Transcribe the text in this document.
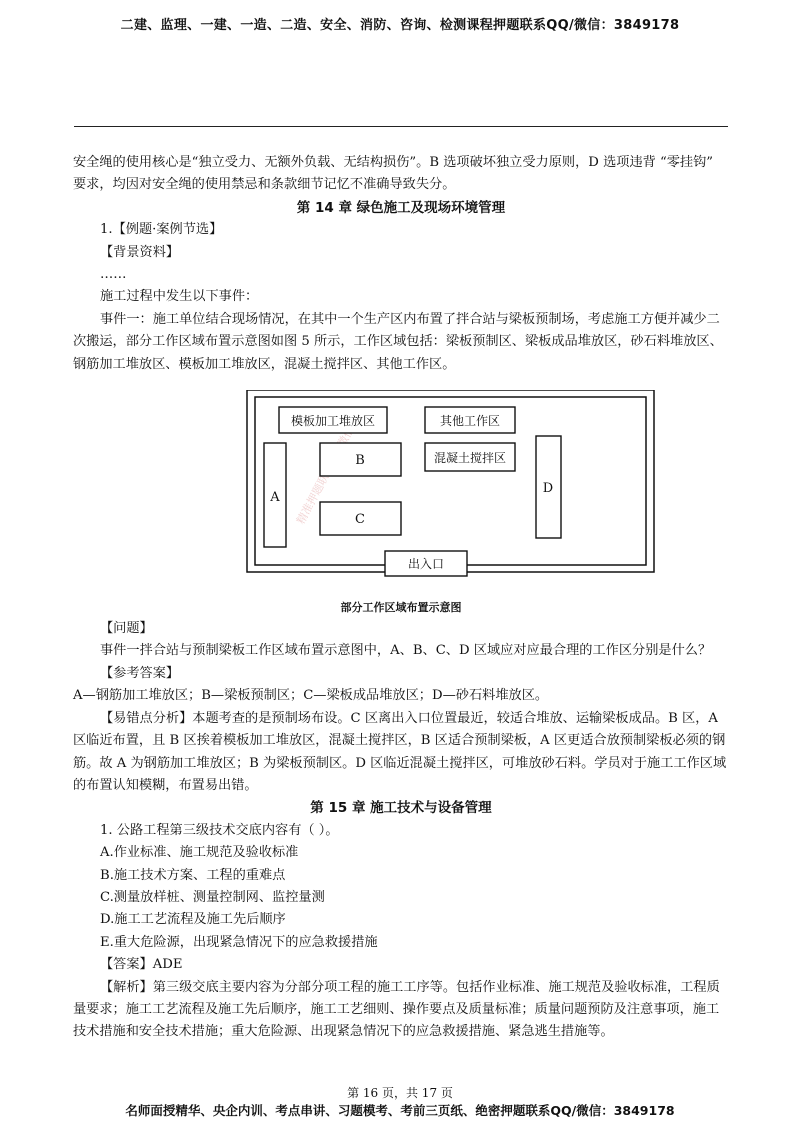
二建、监理、一建、一造、二造、安全、消防、咨询、检测课程押题联系QQ/微信：3849178

安全绳的使用核心是“独立受力、无额外负载、无结构损伤”。B 选项破坏独立受力原则，D 选项违背 “零挂钩” 要求，均因对安全绳的使用禁忌和条款细节记忆不准确导致失分。

第 14 章 绿色施工及现场环境管理

1.【例题·案例节选】

【背景资料】

……

施工过程中发生以下事件：

事件一：施工单位结合现场情况，在其中一个生产区内布置了拌合站与梁板预制场，考虑施工方便并减少二次搬运，部分工作区域布置示意图如图 5 所示，工作区域包括：梁板预制区、梁板成品堆放区，砂石料堆放区、钢筋加工堆放区、模板加工堆放区，混凝土搅拌区、其他工作区。

模板加工堆放区	其他工作区
混凝土搅拌区
A
B
C
D
出入口

部分工作区域布置示意图

【问题】

事件一拌合站与预制梁板工作区域布置示意图中，A、B、C、D 区域应对应最合理的工作区分别是什么？

【参考答案】

A—钢筋加工堆放区；B—梁板预制区；C—梁板成品堆放区；D—砂石料堆放区。

【易错点分析】本题考查的是预制场布设。C 区离出入口位置最近，较适合堆放、运输梁板成品。B 区，A 区临近布置，且 B 区挨着模板加工堆放区，混凝土搅拌区，B 区适合预制梁板，A 区更适合放预制梁板必须的钢筋。故 A 为钢筋加工堆放区；B 为梁板预制区。D 区临近混凝土搅拌区，可堆放砂石料。学员对于施工工作区域的布置认知模糊，布置易出错。

第 15 章 施工技术与设备管理

1. 公路工程第三级技术交底内容有（ ）。

A.作业标准、施工规范及验收标准

B.施工技术方案、工程的重难点

C.测量放样桩、测量控制网、监控量测

D.施工工艺流程及施工先后顺序

E.重大危险源，出现紧急情况下的应急救援措施

【答案】ADE

【解析】第三级交底主要内容为分部分项工程的施工工序等。包括作业标准、施工规范及验收标准，工程质量要求；施工工艺流程及施工先后顺序，施工工艺细则、操作要点及质量标准；质量问题预防及注意事项，施工技术措施和安全技术措施；重大危险源、出现紧急情况下的应急救援措施、紧急逃生措施等。

第 16 页，共 17 页
名师面授精华、央企内训、考点串讲、习题模考、考前三页纸、绝密押题联系QQ/微信：3849178
